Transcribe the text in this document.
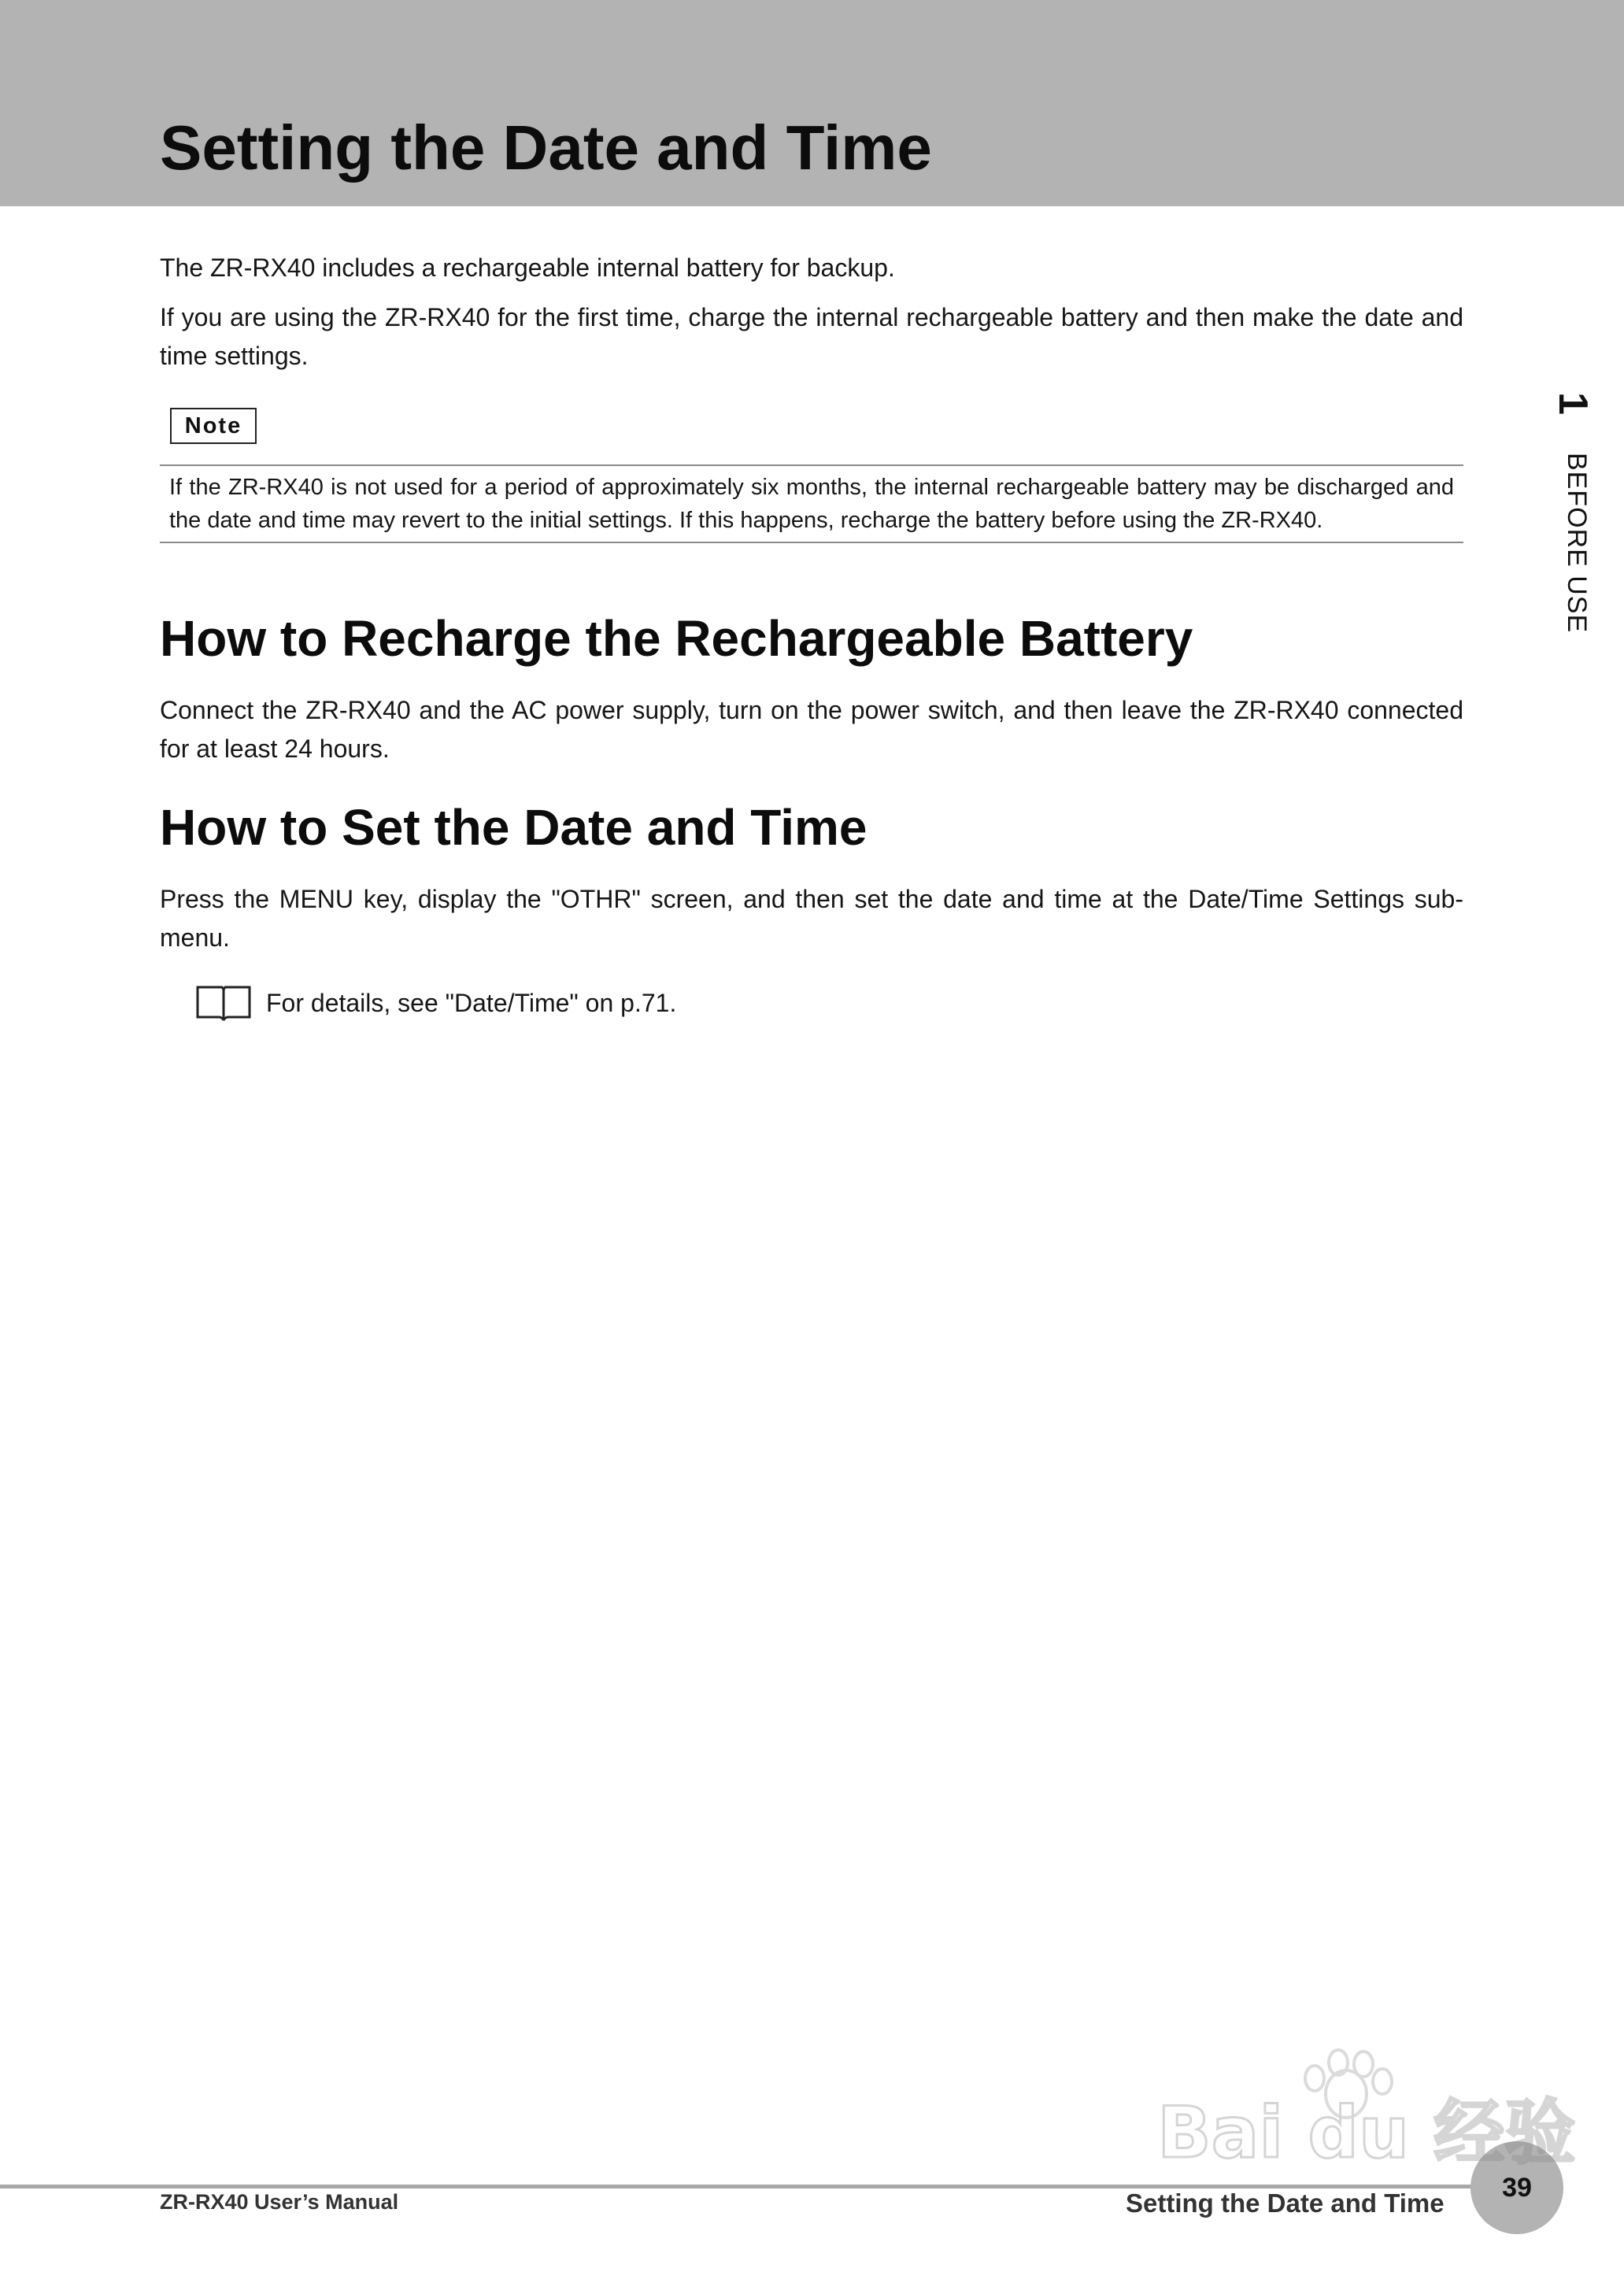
Setting the Date and Time

The ZR-RX40 includes a rechargeable internal battery for backup.

If you are using the ZR-RX40 for the first time, charge the internal rechargeable battery and then make the date and time settings.

Note

If the ZR-RX40 is not used for a period of approximately six months, the internal rechargeable battery may be discharged and the date and time may revert to the initial settings. If this happens, recharge the battery before using the ZR-RX40.

How to Recharge the Rechargeable Battery

Connect the ZR-RX40 and the AC power supply, turn on the power switch, and then leave the ZR-RX40 connected for at least 24 hours.

How to Set the Date and Time

Press the MENU key, display the "OTHR" screen, and then set the date and time at the Date/Time Settings sub-menu.

For details, see "Date/Time" on p.71.
1
BEFORE USE
ZR-RX40 User’s Manual	Setting the Date and Time
39
Bai du 经验
